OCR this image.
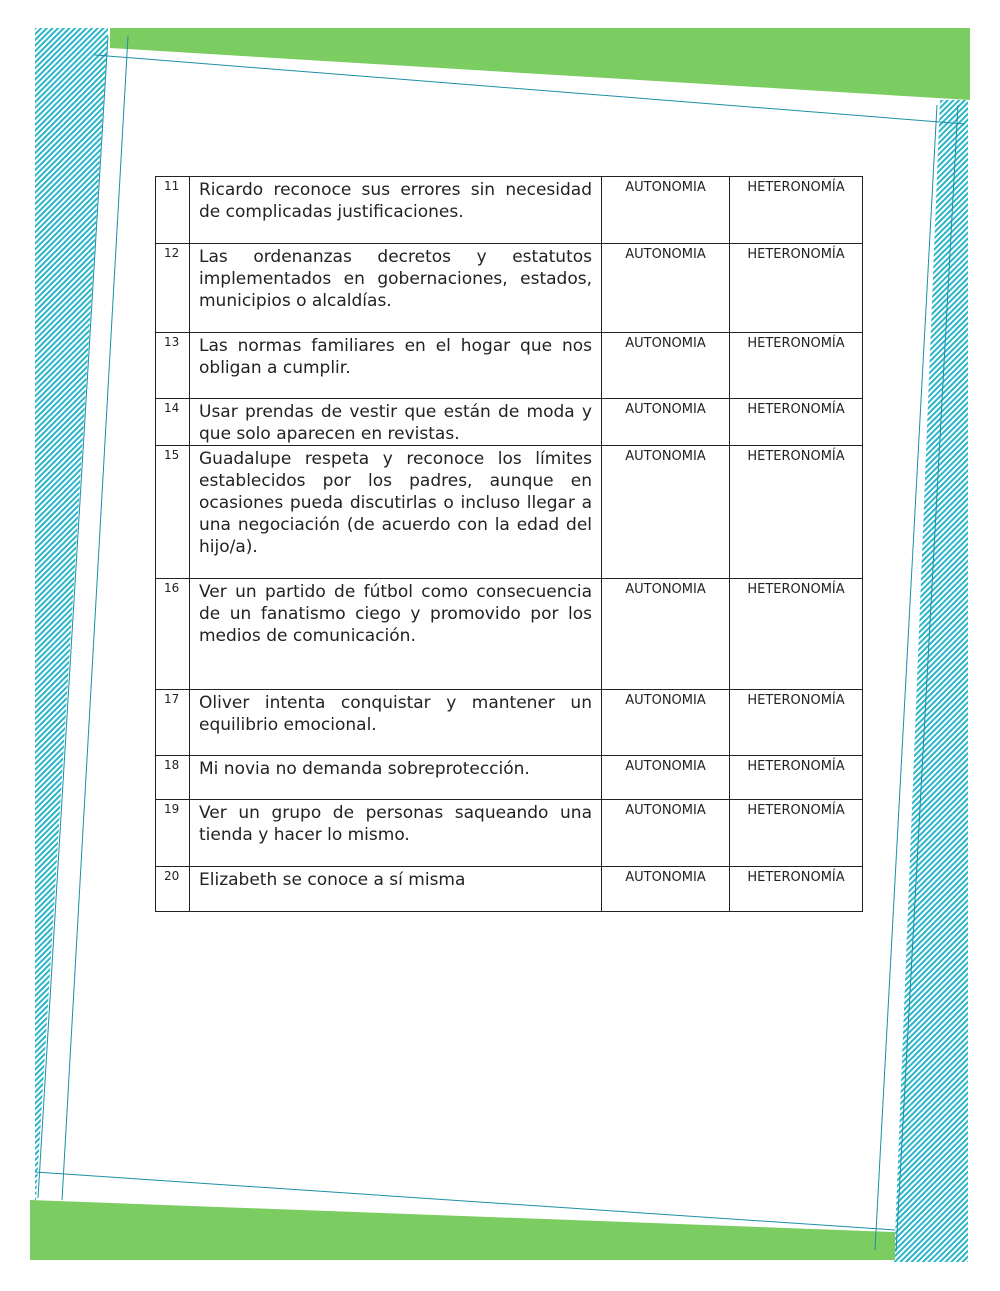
11	Ricardo reconoce sus errores sin necesidad de complicadas justificaciones.	AUTONOMIA	HETERONOMÍA
12	Las ordenanzas decretos y estatutos implementados en gobernaciones, estados, municipios o alcaldías.	AUTONOMIA	HETERONOMÍA
13	Las normas familiares en el hogar que nos obligan a cumplir.	AUTONOMIA	HETERONOMÍA
14	Usar prendas de vestir que están de moda y que solo aparecen en revistas.	AUTONOMIA	HETERONOMÍA
15	Guadalupe respeta y reconoce los límites establecidos por los padres, aunque en ocasiones pueda discutirlas o incluso llegar a una negociación (de acuerdo con la edad del hijo/a).	AUTONOMIA	HETERONOMÍA
16	Ver un partido de fútbol como consecuencia de un fanatismo ciego y promovido por los medios de comunicación.	AUTONOMIA	HETERONOMÍA
17	Oliver intenta conquistar y mantener un equilibrio emocional.	AUTONOMIA	HETERONOMÍA
18	Mi novia no demanda sobreprotección.	AUTONOMIA	HETERONOMÍA
19	Ver un grupo de personas saqueando una tienda y hacer lo mismo.	AUTONOMIA	HETERONOMÍA
20	Elizabeth se conoce a sí misma	AUTONOMIA	HETERONOMÍA
